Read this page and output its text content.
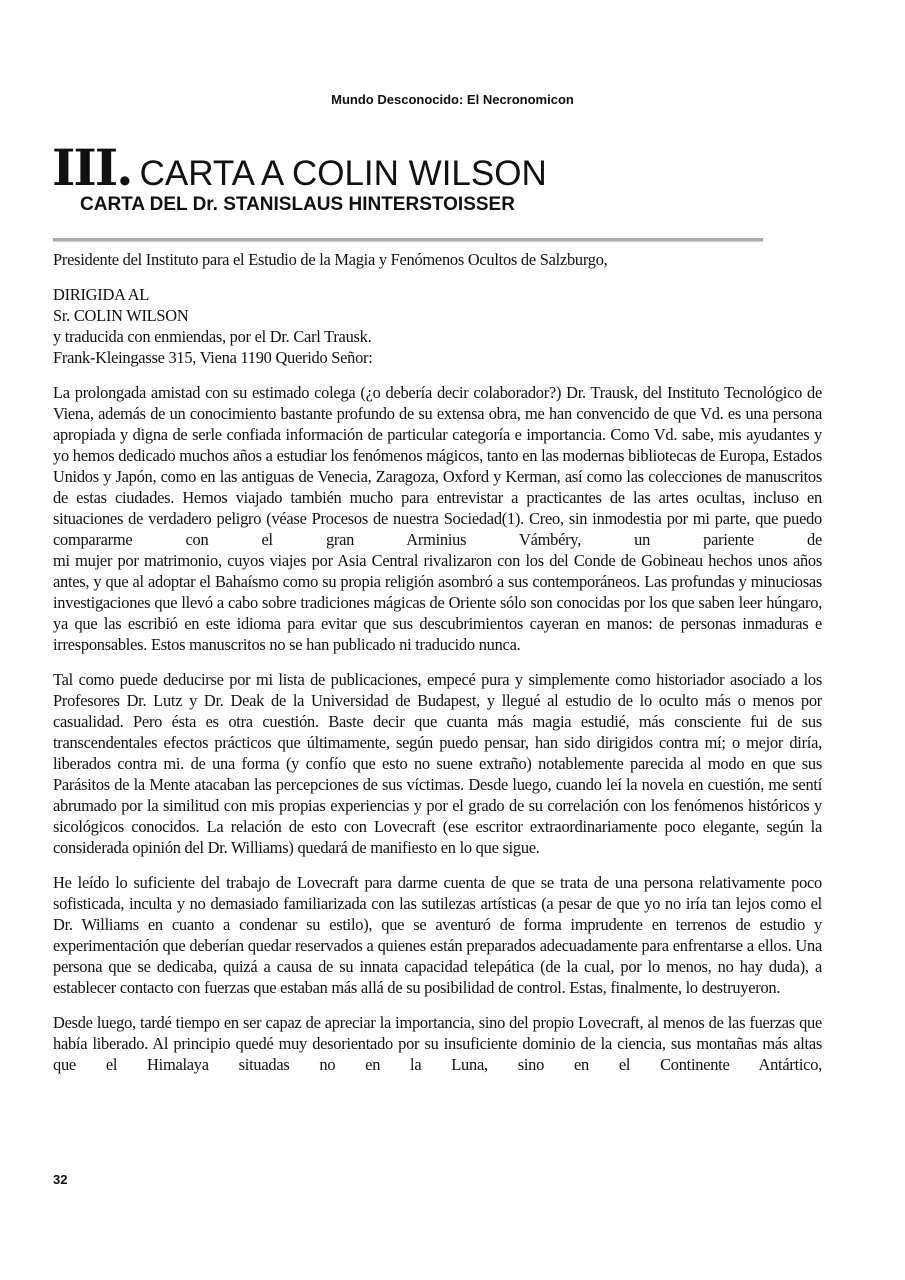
Mundo Desconocido: El Necronomicon
III. CARTA A COLIN WILSON
CARTA DEL Dr. STANISLAUS HINTERSTOISSER

Presidente del Instituto para el Estudio de la Magia y Fenómenos Ocultos de Salzburgo,

DIRIGIDA AL
Sr. COLIN WILSON
y traducida con enmiendas, por el Dr. Carl Trausk.
Frank-Kleingasse 315, Viena 1190 Querido Señor:

La prolongada amistad con su estimado colega (¿o debería decir colaborador?) Dr. Trausk, del Instituto Tecnológico de Viena, además de un conocimiento bastante profundo de su extensa obra, me han convencido de que Vd. es una persona apropiada y digna de serle confiada información de particular categoría e importancia. Como Vd. sabe, mis ayudantes y yo hemos dedicado muchos años a estudiar los fenómenos mágicos, tanto en las modernas bibliotecas de Europa, Estados Unidos y Japón, como en las antiguas de Venecia, Zaragoza, Oxford y Kerman, así como las colecciones de manuscritos de estas ciudades. Hemos viajado también mucho para entrevistar a practicantes de las artes ocultas, incluso en situaciones de verdadero peligro (véase Procesos de nuestra Sociedad(1). Creo, sin inmodestia por mi parte, que puedo compararme con el gran Arminius Vámbéry, un pariente de

mi mujer por matrimonio, cuyos viajes por Asia Central rivalizaron con los del Conde de Gobineau hechos unos años antes, y que al adoptar el Bahaísmo como su propia religión asombró a sus contemporáneos. Las profundas y minuciosas investigaciones que llevó a cabo sobre tradiciones mágicas de Oriente sólo son conocidas por los que saben leer húngaro, ya que las escribió en este idioma para evitar que sus descubrimientos cayeran en manos: de personas inmaduras e irresponsables. Estos manuscritos no se han publicado ni traducido nunca.

Tal como puede deducirse por mi lista de publicaciones, empecé pura y simplemente como historiador asociado a los Profesores Dr. Lutz y Dr. Deak de la Universidad de Budapest, y llegué al estudio de lo oculto más o menos por casualidad. Pero ésta es otra cuestión. Baste decir que cuanta más magia estudié, más consciente fui de sus transcendentales efectos prácticos que últimamente, según puedo pensar, han sido dirigidos contra mí; o mejor diría, liberados contra mi. de una forma (y confío que esto no suene extraño) notablemente parecida al modo en que sus Parásitos de la Mente atacaban las percepciones de sus víctimas. Desde luego, cuando leí la novela en cuestión, me sentí abrumado por la similitud con mis propias experiencias y por el grado de su correlación con los fenómenos históricos y sicológicos conocidos. La relación de esto con Lovecraft (ese escritor extraordinariamente poco elegante, según la considerada opinión del Dr. Williams) quedará de manifiesto en lo que sigue.

He leído lo suficiente del trabajo de Lovecraft para darme cuenta de que se trata de una persona relativamente poco sofisticada, inculta y no demasiado familiarizada con las sutilezas artísticas (a pesar de que yo no iría tan lejos como el Dr. Williams en cuanto a condenar su estilo), que se aventuró de forma imprudente en terrenos de estudio y experimentación que deberían quedar reservados a quienes están preparados adecuadamente para enfrentarse a ellos. Una persona que se dedicaba, quizá a causa de su innata capacidad telepática (de la cual, por lo menos, no hay duda), a establecer contacto con fuerzas que estaban más allá de su posibilidad de control. Estas, finalmente, lo destruyeron.

Desde luego, tardé tiempo en ser capaz de apreciar la importancia, sino del propio Lovecraft, al menos de las fuerzas que había liberado. Al principio quedé muy desorientado por su insuficiente dominio de la ciencia, sus montañas más altas que el Himalaya situadas no en la Luna, sino en el Continente Antártico,

32
